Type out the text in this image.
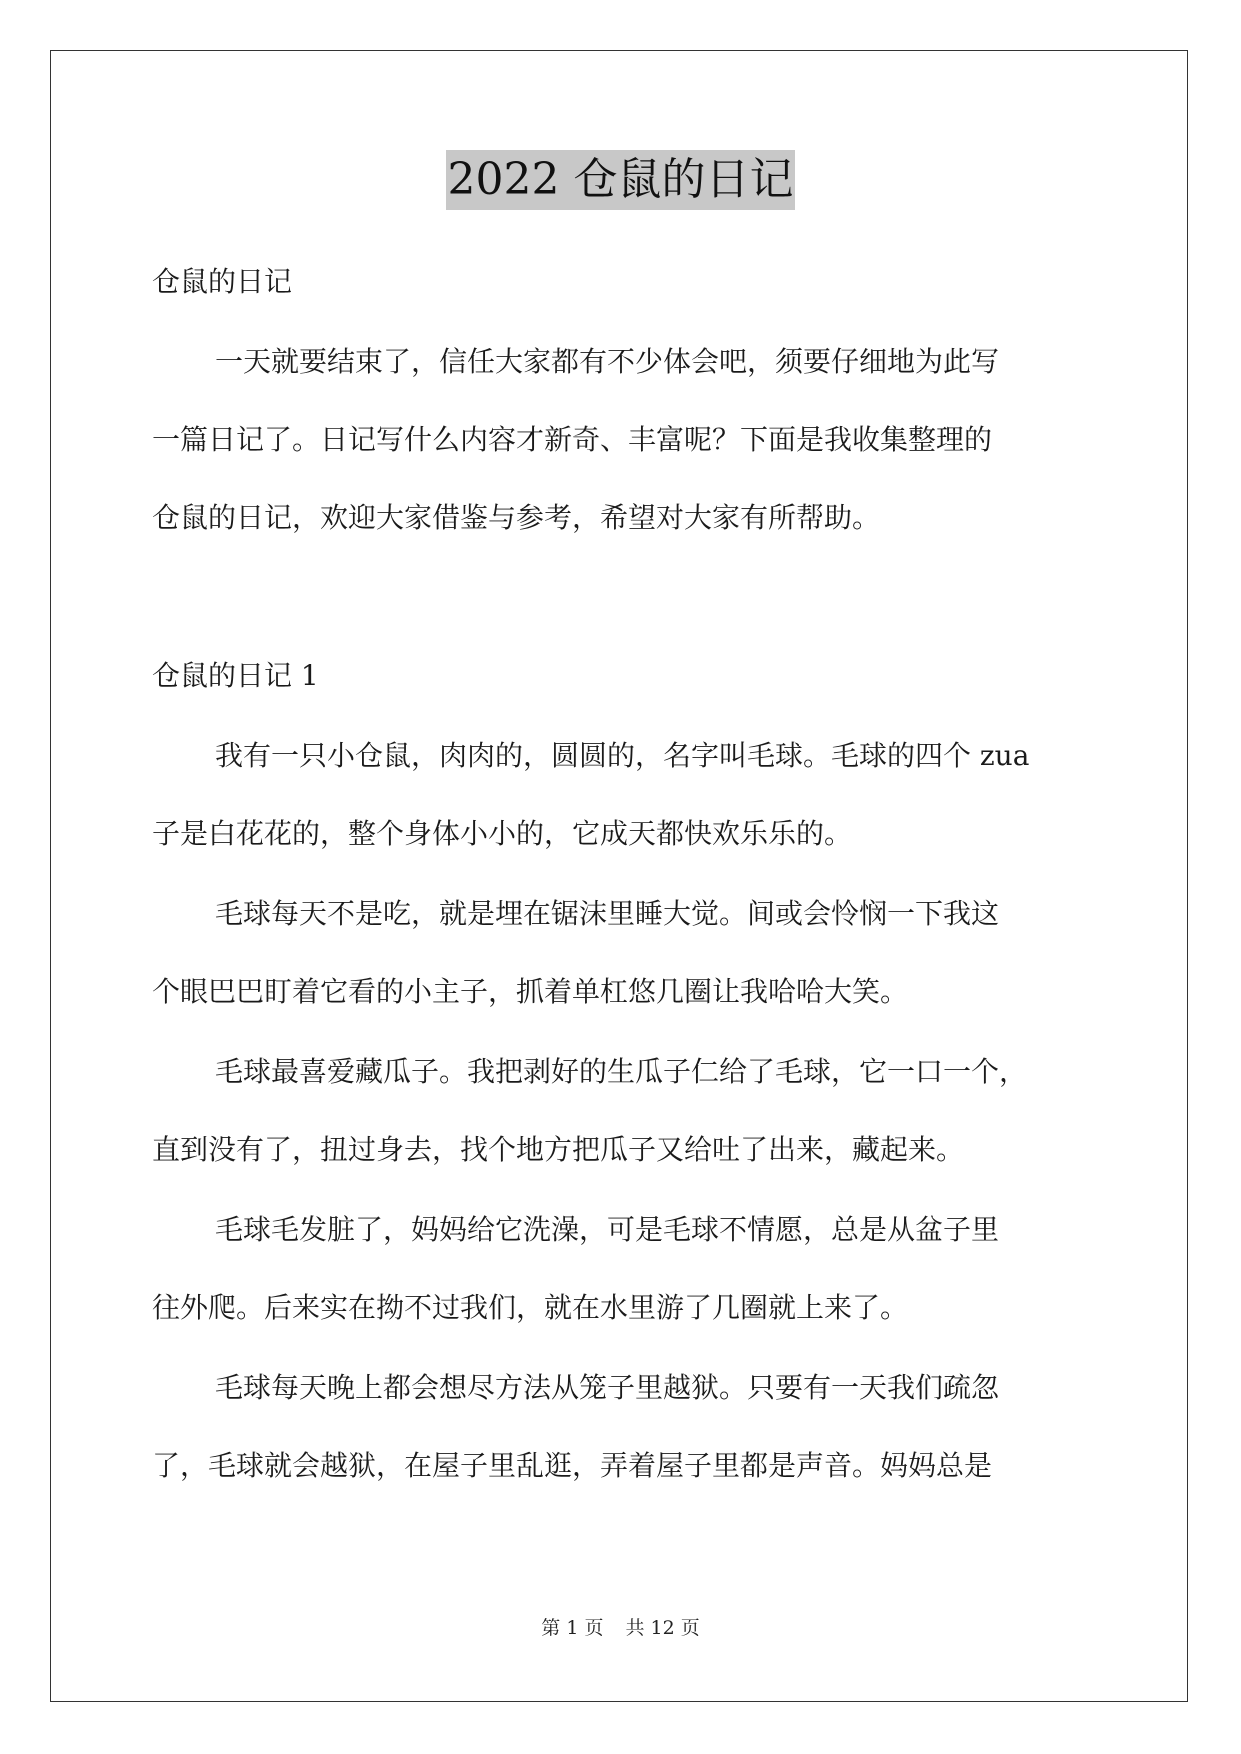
2022 仓鼠的日记
仓鼠的日记
一天就要结束了，信任大家都有不少体会吧，须要仔细地为此写
一篇日记了。日记写什么内容才新奇、丰富呢？下面是我收集整理的
仓鼠的日记，欢迎大家借鉴与参考，希望对大家有所帮助。
仓鼠的日记 1
我有一只小仓鼠，肉肉的，圆圆的，名字叫毛球。毛球的四个 zua
子是白花花的，整个身体小小的，它成天都快欢乐乐的。
毛球每天不是吃，就是埋在锯沫里睡大觉。间或会怜悯一下我这
个眼巴巴盯着它看的小主子，抓着单杠悠几圈让我哈哈大笑。
毛球最喜爱藏瓜子。我把剥好的生瓜子仁给了毛球，它一口一个，
直到没有了，扭过身去，找个地方把瓜子又给吐了出来，藏起来。
毛球毛发脏了，妈妈给它洗澡，可是毛球不情愿，总是从盆子里
往外爬。后来实在拗不过我们，就在水里游了几圈就上来了。
毛球每天晚上都会想尽方法从笼子里越狱。只要有一天我们疏忽
了，毛球就会越狱，在屋子里乱逛，弄着屋子里都是声音。妈妈总是
第 1 页 共 12 页
